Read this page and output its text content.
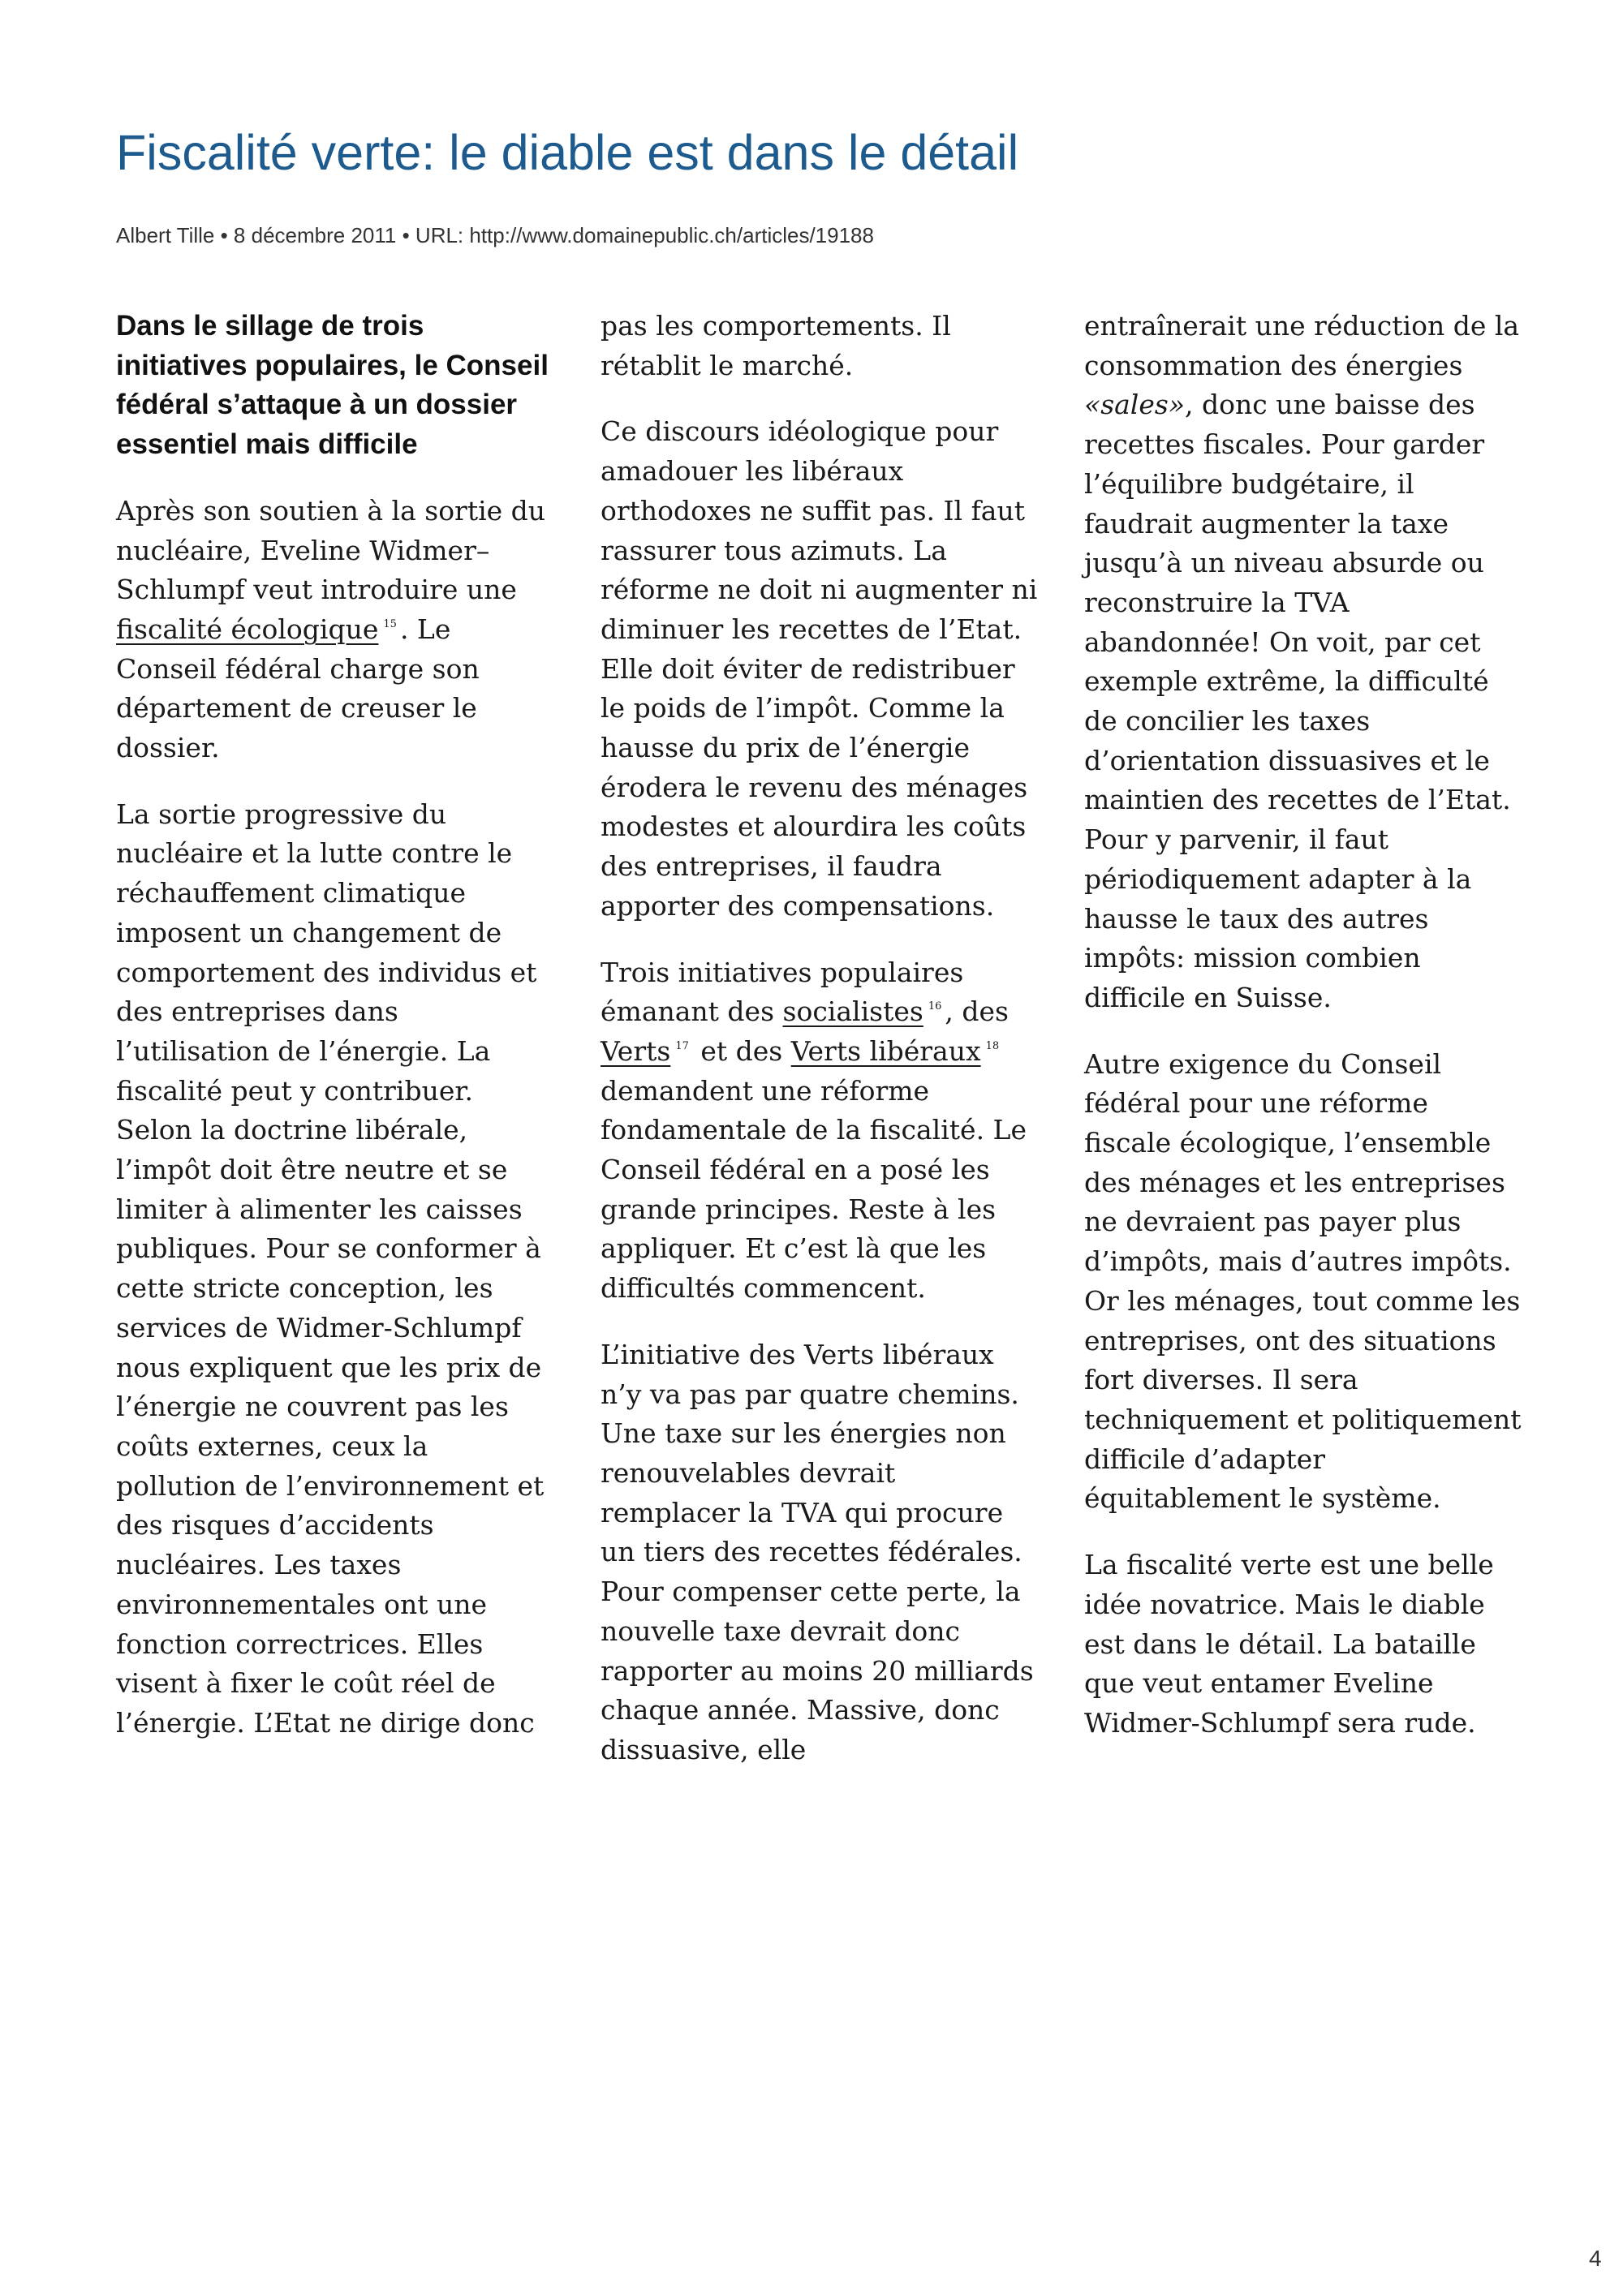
Fiscalité verte: le diable est dans le détail
Albert Tille • 8 décembre 2011 • URL: http://www.domainepublic.ch/articles/19188

Dans le sillage de trois initiatives populaires, le Conseil fédéral s’attaque à un dossier essentiel mais difficile

Après son soutien à la sortie du nucléaire, Eveline Widmer–Schlumpf veut introduire une fiscalité écologique $^{15}$ . Le Conseil fédéral charge son département de creuser le dossier.

La sortie progressive du nucléaire et la lutte contre le réchauffement climatique imposent un changement de comportement des individus et des entreprises dans l’utilisation de l’énergie. La fiscalité peut y contribuer. Selon la doctrine libérale, l’impôt doit être neutre et se limiter à alimenter les caisses publiques. Pour se conformer à cette stricte conception, les services de Widmer-Schlumpf nous expliquent que les prix de l’énergie ne couvrent pas les coûts externes, ceux la pollution de l’environnement et des risques d’accidents nucléaires. Les taxes environnementales ont une fonction correctrices. Elles visent à fixer le coût réel de l’énergie. L’Etat ne dirige donc

pas les comportements. Il rétablit le marché.

Ce discours idéologique pour amadouer les libéraux orthodoxes ne suffit pas. Il faut rassurer tous azimuts. La réforme ne doit ni augmenter ni diminuer les recettes de l’Etat. Elle doit éviter de redistribuer le poids de l’impôt. Comme la hausse du prix de l’énergie érodera le revenu des ménages modestes et alourdira les coûts des entreprises, il faudra apporter des compensations.

Trois initiatives populaires émanant des socialistes $^{16}$ , des Verts $^{17}$ et des Verts libéraux $^{18}$ demandent une réforme fondamentale de la fiscalité. Le Conseil fédéral en a posé les grande principes. Reste à les appliquer. Et c’est là que les difficultés commencent.

L’initiative des Verts libéraux n’y va pas par quatre chemins. Une taxe sur les énergies non renouvelables devrait remplacer la TVA qui procure un tiers des recettes fédérales. Pour compenser cette perte, la nouvelle taxe devrait donc rapporter au moins 20 milliards chaque année. Massive, donc dissuasive, elle

entraînerait une réduction de la consommation des énergies «sales», donc une baisse des recettes fiscales. Pour garder l’équilibre budgétaire, il faudrait augmenter la taxe jusqu’à un niveau absurde ou reconstruire la TVA abandonnée! On voit, par cet exemple extrême, la difficulté de concilier les taxes d’orientation dissuasives et le maintien des recettes de l’Etat. Pour y parvenir, il faut périodiquement adapter à la hausse le taux des autres impôts: mission combien difficile en Suisse.

Autre exigence du Conseil fédéral pour une réforme fiscale écologique, l’ensemble des ménages et les entreprises ne devraient pas payer plus d’impôts, mais d’autres impôts. Or les ménages, tout comme les entreprises, ont des situations fort diverses. Il sera techniquement et politiquement difficile d’adapter équitablement le système.

La fiscalité verte est une belle idée novatrice. Mais le diable est dans le détail. La bataille que veut entamer Eveline Widmer-Schlumpf sera rude.

4
